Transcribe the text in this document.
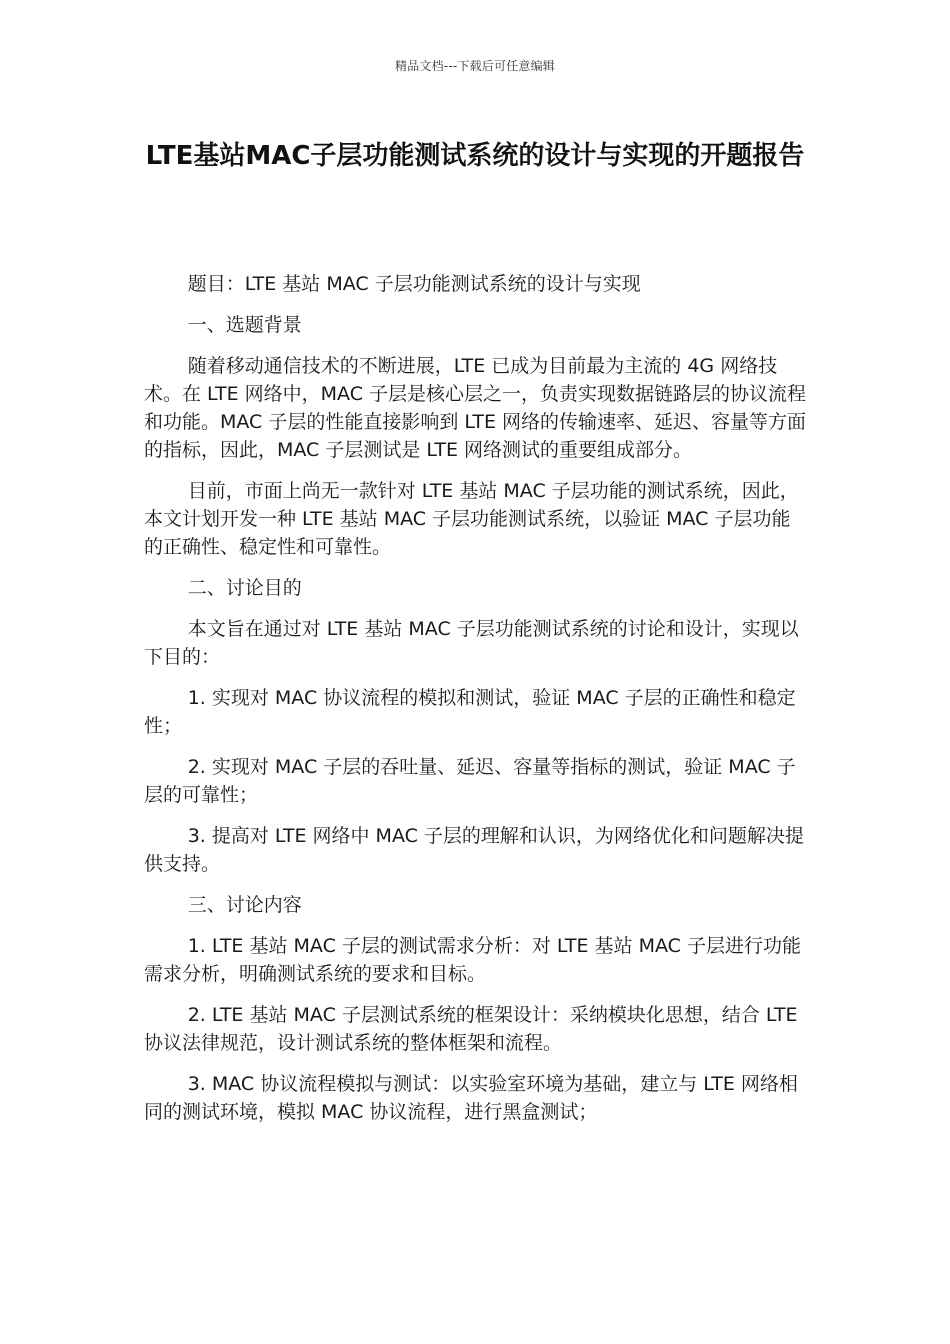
精品文档---下载后可任意编辑
LTE基站MAC子层功能测试系统的设计与实现的开题报告

题目：LTE 基站 MAC 子层功能测试系统的设计与实现

一、选题背景

随着移动通信技术的不断进展，LTE 已成为目前最为主流的 4G 网络技术。在 LTE 网络中，MAC 子层是核心层之一，负责实现数据链路层的协议流程和功能。MAC 子层的性能直接影响到 LTE 网络的传输速率、延迟、容量等方面的指标，因此，MAC 子层测试是 LTE 网络测试的重要组成部分。

目前，市面上尚无一款针对 LTE 基站 MAC 子层功能的测试系统，因此，本文计划开发一种 LTE 基站 MAC 子层功能测试系统，以验证 MAC 子层功能的正确性、稳定性和可靠性。

二、讨论目的

本文旨在通过对 LTE 基站 MAC 子层功能测试系统的讨论和设计，实现以下目的：

1. 实现对 MAC 协议流程的模拟和测试，验证 MAC 子层的正确性和稳定性；

2. 实现对 MAC 子层的吞吐量、延迟、容量等指标的测试，验证 MAC 子层的可靠性；

3. 提高对 LTE 网络中 MAC 子层的理解和认识，为网络优化和问题解决提供支持。

三、讨论内容

1. LTE 基站 MAC 子层的测试需求分析：对 LTE 基站 MAC 子层进行功能需求分析，明确测试系统的要求和目标。

2. LTE 基站 MAC 子层测试系统的框架设计：采纳模块化思想，结合 LTE 协议法律规范，设计测试系统的整体框架和流程。

3. MAC 协议流程模拟与测试：以实验室环境为基础，建立与 LTE 网络相同的测试环境，模拟 MAC 协议流程，进行黑盒测试；
